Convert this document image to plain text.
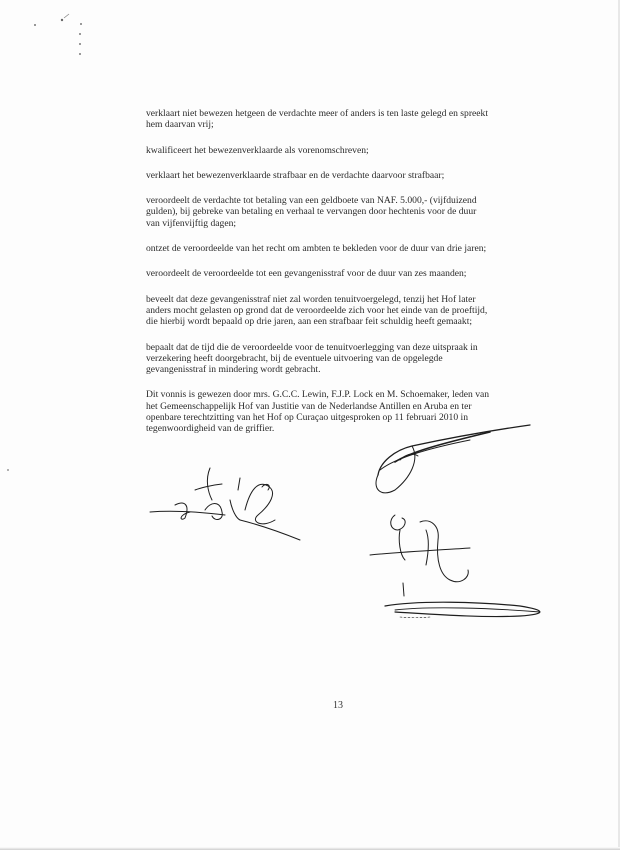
verklaart niet bewezen hetgeen de verdachte meer of anders is ten laste gelegd en spreekt
hem daarvan vrij;

kwalificeert het bewezenverklaarde als vorenomschreven;

verklaart het bewezenverklaarde strafbaar en de verdachte daarvoor strafbaar;

veroordeelt de verdachte tot betaling van een geldboete van NAF. 5.000,- (vijfduizend
gulden), bij gebreke van betaling en verhaal te vervangen door hechtenis voor de duur
van vijfenvijftig dagen;

ontzet de veroordeelde van het recht om ambten te bekleden voor de duur van drie jaren;

veroordeelt de veroordeelde tot een gevangenisstraf voor de duur van zes maanden;

beveelt dat deze gevangenisstraf niet zal worden tenuitvoergelegd, tenzij het Hof later
anders mocht gelasten op grond dat de veroordeelde zich voor het einde van de proeftijd,
die hierbij wordt bepaald op drie jaren, aan een strafbaar feit schuldig heeft gemaakt;

bepaalt dat de tijd die de veroordeelde voor de tenuitvoerlegging van deze uitspraak in
verzekering heeft doorgebracht, bij de eventuele uitvoering van de opgelegde
gevangenisstraf in mindering wordt gebracht.

Dit vonnis is gewezen door mrs. G.C.C. Lewin, F.J.P. Lock en M. Schoemaker, leden van
het Gemeenschappelijk Hof van Justitie van de Nederlandse Antillen en Aruba en ter
openbare terechtzitting van het Hof op Curaçao uitgesproken op 11 februari 2010 in
tegenwoordigheid van de griffier.

13
